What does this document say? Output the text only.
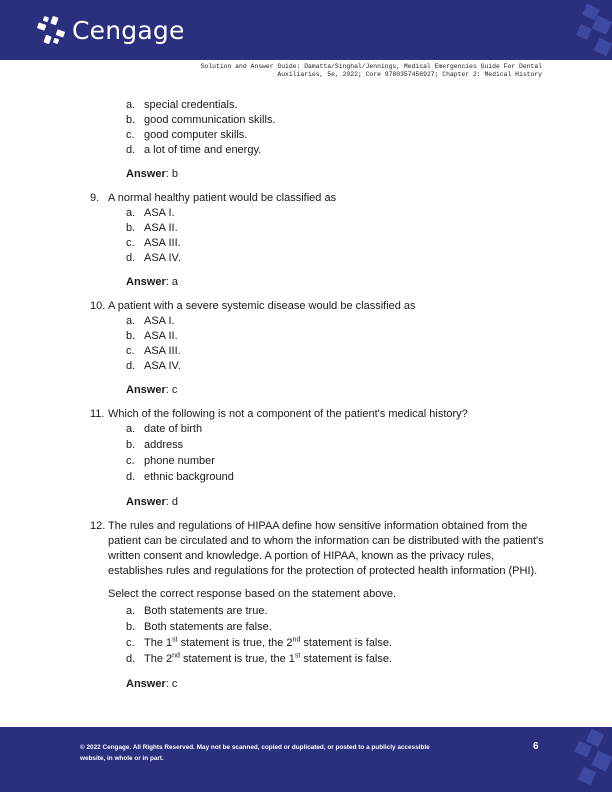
Cengage
Solution and Answer Guide: Damatta/Singhal/Jennings, Medical Emergencies Guide For Dental
Auxiliaries, 5e, 2022; Core 9780357456927; Chapter 2: Medical History
a. special credentials.
b. good communication skills.
c. good computer skills.
d. a lot of time and energy.
Answer: b
9. A normal healthy patient would be classified as
a. ASA I.
b. ASA II.
c. ASA III.
d. ASA IV.
Answer: a
10. A patient with a severe systemic disease would be classified as
a. ASA I.
b. ASA II.
c. ASA III.
d. ASA IV.
Answer: c
11. Which of the following is not a component of the patient's medical history?
a. date of birth
b. address
c. phone number
d. ethnic background
Answer: d
12. The rules and regulations of HIPAA define how sensitive information obtained from the patient can be circulated and to whom the information can be distributed with the patient's written consent and knowledge. A portion of HIPAA, known as the privacy rules, establishes rules and regulations for the protection of protected health information (PHI).
Select the correct response based on the statement above.
a. Both statements are true.
b. Both statements are false.
c. The 1st statement is true, the 2nd statement is false.
d. The 2nd statement is true, the 1st statement is false.
Answer: c
© 2022 Cengage. All Rights Reserved. May not be scanned, copied or duplicated, or posted to a publicly accessible
website, in whole or in part.
6
